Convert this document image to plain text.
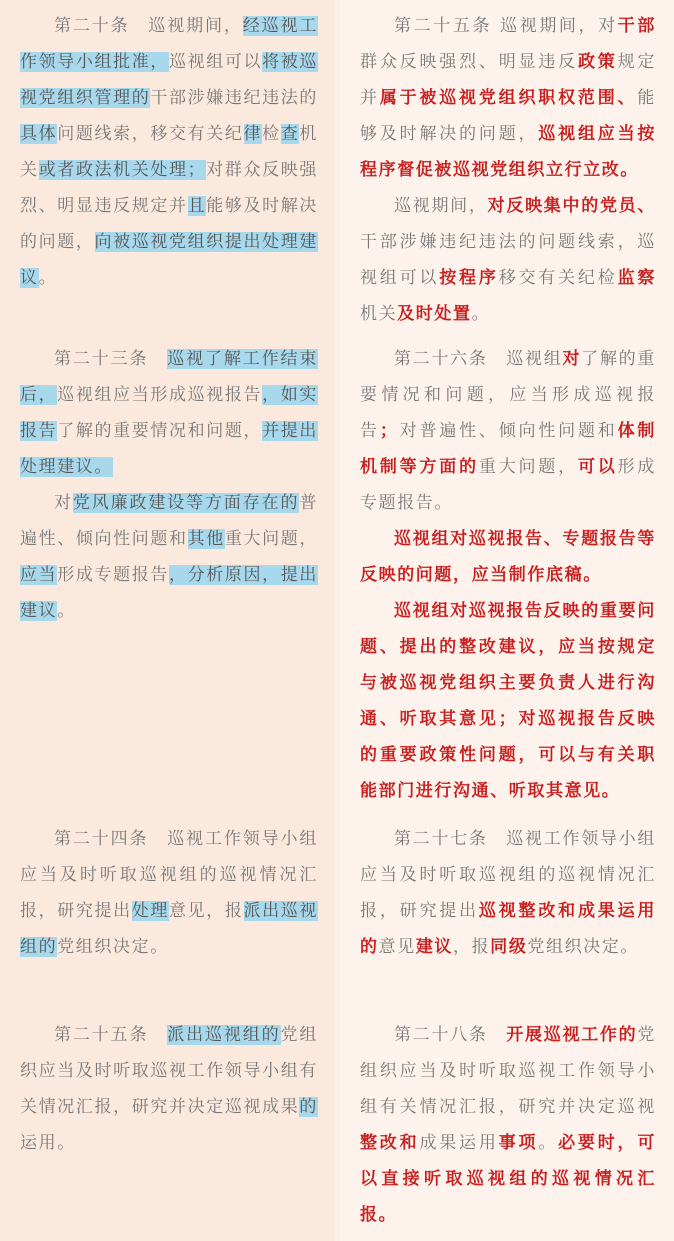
第二十条　巡视期间，经巡视工作领导小组批准，巡视组可以将被巡视党组织管理的干部涉嫌违纪违法的具体问题线索，移交有关纪律检查机关或者政法机关处理；对群众反映强烈、明显违反规定并且能够及时解决的问题，向被巡视党组织提出处理建议。

第二十三条　巡视了解工作结束后，巡视组应当形成巡视报告，如实报告了解的重要情况和问题，并提出处理建议。

对党风廉政建设等方面存在的普遍性、倾向性问题和其他重大问题，应当形成专题报告，分析原因，提出建议。

第二十四条　巡视工作领导小组应当及时听取巡视组的巡视情况汇报，研究提出处理意见，报派出巡视组的党组织决定。

第二十五条　派出巡视组的党组织应当及时听取巡视工作领导小组有关情况汇报，研究并决定巡视成果的运用。

第二十五条 巡视期间，对干部群众反映强烈、明显违反政策规定并属于被巡视党组织职权范围、能够及时解决的问题，巡视组应当按程序督促被巡视党组织立行立改。

巡视期间，对反映集中的党员、干部涉嫌违纪违法的问题线索，巡视组可以按程序移交有关纪检监察机关及时处置。

第二十六条　巡视组对了解的重要情况和问题，应当形成巡视报告；对普遍性、倾向性问题和体制机制等方面的重大问题，可以形成专题报告。

巡视组对巡视报告、专题报告等反映的问题，应当制作底稿。

巡视组对巡视报告反映的重要问题、提出的整改建议，应当按规定与被巡视党组织主要负责人进行沟通、听取其意见；对巡视报告反映的重要政策性问题，可以与有关职能部门进行沟通、听取其意见。

第二十七条　巡视工作领导小组应当及时听取巡视组的巡视情况汇报，研究提出巡视整改和成果运用的意见建议，报同级党组织决定。

第二十八条　开展巡视工作的党组织应当及时听取巡视工作领导小组有关情况汇报，研究并决定巡视整改和成果运用事项。必要时，可以直接听取巡视组的巡视情况汇报。
